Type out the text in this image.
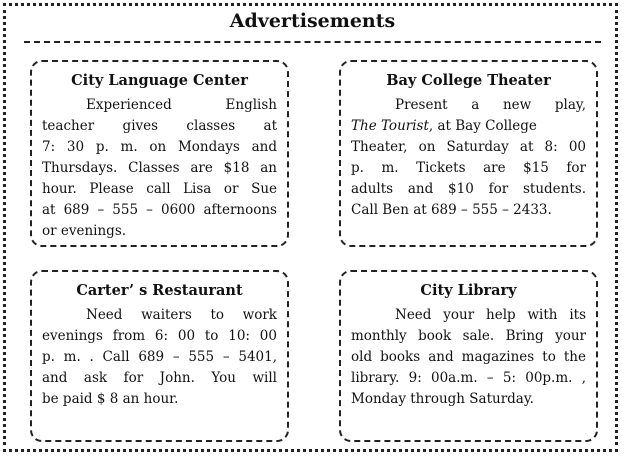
Advertisements
City Language Center
Experienced English
teacher gives classes at
7: 30 p. m. on Mondays and
Thursdays. Classes are $18 an
hour. Please call Lisa or Sue
at 689 – 555 – 0600 afternoons
or evenings.
Bay College Theater
Present a new play,
The Tourist, at Bay College
Theater, on Saturday at 8: 00
p. m. Tickets are $15 for
adults and $10 for students.
Call Ben at 689 – 555 – 2433.
Carter’ s Restaurant
Need waiters to work
evenings from 6: 00 to 10: 00
p. m. . Call 689 – 555 – 5401,
and ask for John. You will
be paid $ 8 an hour.
City Library
Need your help with its
monthly book sale. Bring your
old books and magazines to the
library. 9: 00a.m. – 5: 00p.m. ,
Monday through Saturday.
